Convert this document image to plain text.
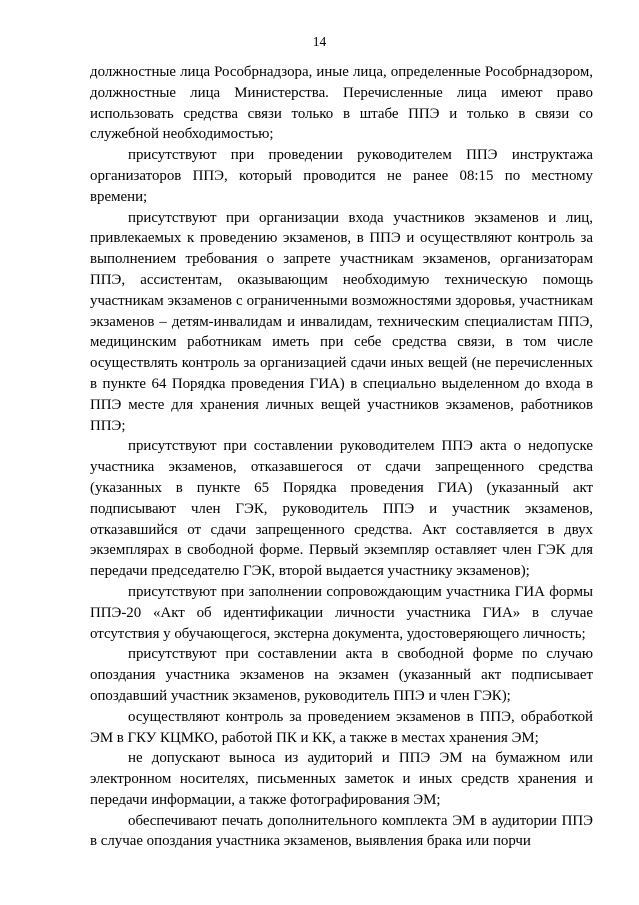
14

должностные лица Рособрнадзора, иные лица, определенные Рособрнадзором, должностные лица Министерства. Перечисленные лица имеют право использовать средства связи только в штабе ППЭ и только в связи со служебной необходимостью;

присутствуют при проведении руководителем ППЭ инструктажа организаторов ППЭ, который проводится не ранее 08:15 по местному времени;

присутствуют при организации входа участников экзаменов и лиц, привлекаемых к проведению экзаменов, в ППЭ и осуществляют контроль за выполнением требования о запрете участникам экзаменов, организаторам ППЭ, ассистентам, оказывающим необходимую техническую помощь участникам экзаменов с ограниченными возможностями здоровья, участникам экзаменов – детям-инвалидам и инвалидам, техническим специалистам ППЭ, медицинским работникам иметь при себе средства связи, в том числе осуществлять контроль за организацией сдачи иных вещей (не перечисленных в пункте 64 Порядка проведения ГИА) в специально выделенном до входа в ППЭ месте для хранения личных вещей участников экзаменов, работников ППЭ;

присутствуют при составлении руководителем ППЭ акта о недопуске участника экзаменов, отказавшегося от сдачи запрещенного средства (указанных в пункте 65 Порядка проведения ГИА) (указанный акт подписывают член ГЭК, руководитель ППЭ и участник экзаменов, отказавшийся от сдачи запрещенного средства. Акт составляется в двух экземплярах в свободной форме. Первый экземпляр оставляет член ГЭК для передачи председателю ГЭК, второй выдается участнику экзаменов);

присутствуют при заполнении сопровождающим участника ГИА формы ППЭ-20 «Акт об идентификации личности участника ГИА» в случае отсутствия у обучающегося, экстерна документа, удостоверяющего личность;

присутствуют при составлении акта в свободной форме по случаю опоздания участника экзаменов на экзамен (указанный акт подписывает опоздавший участник экзаменов, руководитель ППЭ и член ГЭК);

осуществляют контроль за проведением экзаменов в ППЭ, обработкой ЭМ в ГКУ КЦМКО, работой ПК и КК, а также в местах хранения ЭМ;

не допускают выноса из аудиторий и ППЭ ЭМ на бумажном или электронном носителях, письменных заметок и иных средств хранения и передачи информации, а также фотографирования ЭМ;

обеспечивают печать дополнительного комплекта ЭМ в аудитории ППЭ в случае опоздания участника экзаменов, выявления брака или порчи
